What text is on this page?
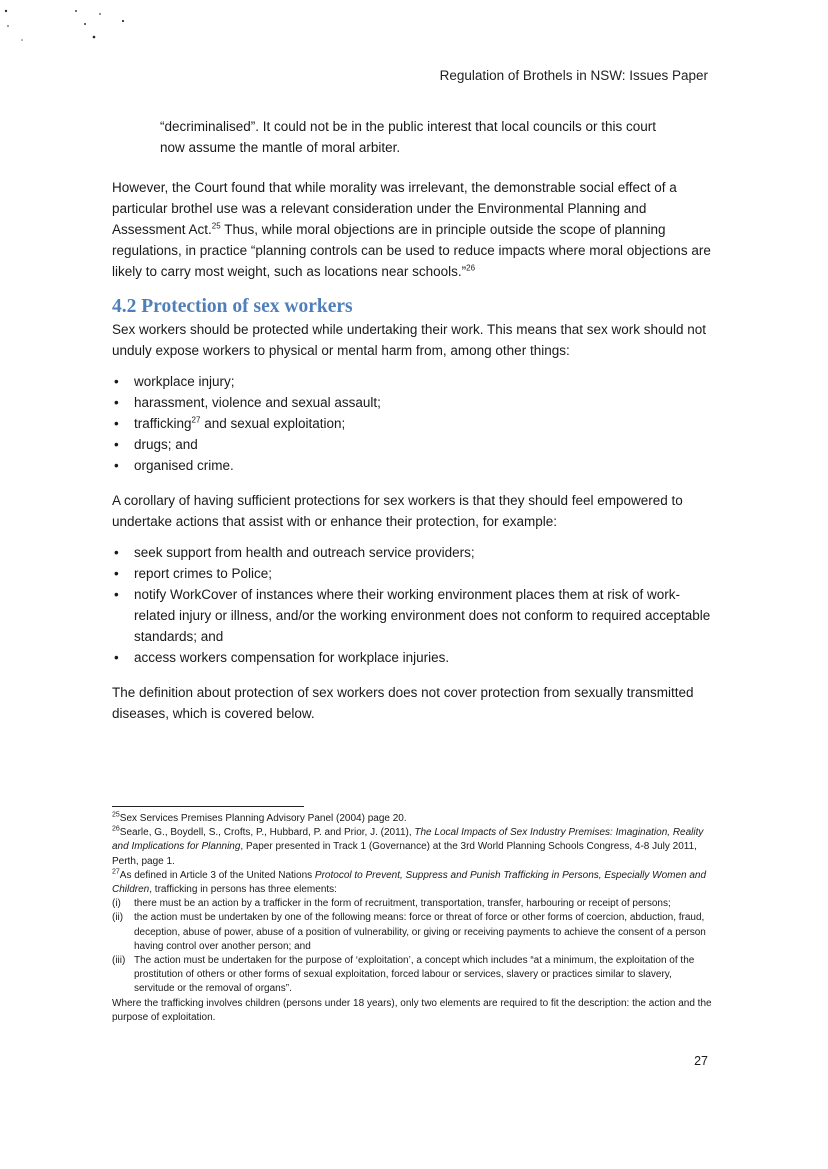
Regulation of Brothels in NSW: Issues Paper

“decriminalised”. It could not be in the public interest that local councils or this court now assume the mantle of moral arbiter.

However, the Court found that while morality was irrelevant, the demonstrable social effect of a particular brothel use was a relevant consideration under the Environmental Planning and Assessment Act.$^{25}$ Thus, while moral objections are in principle outside the scope of planning regulations, in practice “planning controls can be used to reduce impacts where moral objections are likely to carry most weight, such as locations near schools.”$^{26}$

4.2 Protection of sex workers

Sex workers should be protected while undertaking their work. This means that sex work should not unduly expose workers to physical or mental harm from, among other things:

• workplace injury;
• harassment, violence and sexual assault;
• trafficking$^{27}$ and sexual exploitation;
• drugs; and
• organised crime.

A corollary of having sufficient protections for sex workers is that they should feel empowered to undertake actions that assist with or enhance their protection, for example:

• seek support from health and outreach service providers;
• report crimes to Police;
• notify WorkCover of instances where their working environment places them at risk of work-related injury or illness, and/or the working environment does not conform to required acceptable standards; and
• access workers compensation for workplace injuries.

The definition about protection of sex workers does not cover protection from sexually transmitted diseases, which is covered below.

$^{25}$Sex Services Premises Planning Advisory Panel (2004) page 20.
$^{26}$Searle, G., Boydell, S., Crofts, P., Hubbard, P. and Prior, J. (2011), The Local Impacts of Sex Industry Premises: Imagination, Reality and Implications for Planning, Paper presented in Track 1 (Governance) at the 3rd World Planning Schools Congress, 4-8 July 2011, Perth, page 1.
$^{27}$As defined in Article 3 of the United Nations Protocol to Prevent, Suppress and Punish Trafficking in Persons, Especially Women and Children, trafficking in persons has three elements:
(i)	there must be an action by a trafficker in the form of recruitment, transportation, transfer, harbouring or receipt of persons;
(ii)	the action must be undertaken by one of the following means: force or threat of force or other forms of coercion, abduction, fraud, deception, abuse of power, abuse of a position of vulnerability, or giving or receiving payments to achieve the consent of a person having control over another person; and
(iii) The action must be undertaken for the purpose of ‘exploitation’, a concept which includes “at a minimum, the exploitation of the prostitution of others or other forms of sexual exploitation, forced labour or services, slavery or practices similar to slavery, servitude or the removal of organs”.
Where the trafficking involves children (persons under 18 years), only two elements are required to fit the description: the action and the purpose of exploitation.
27
